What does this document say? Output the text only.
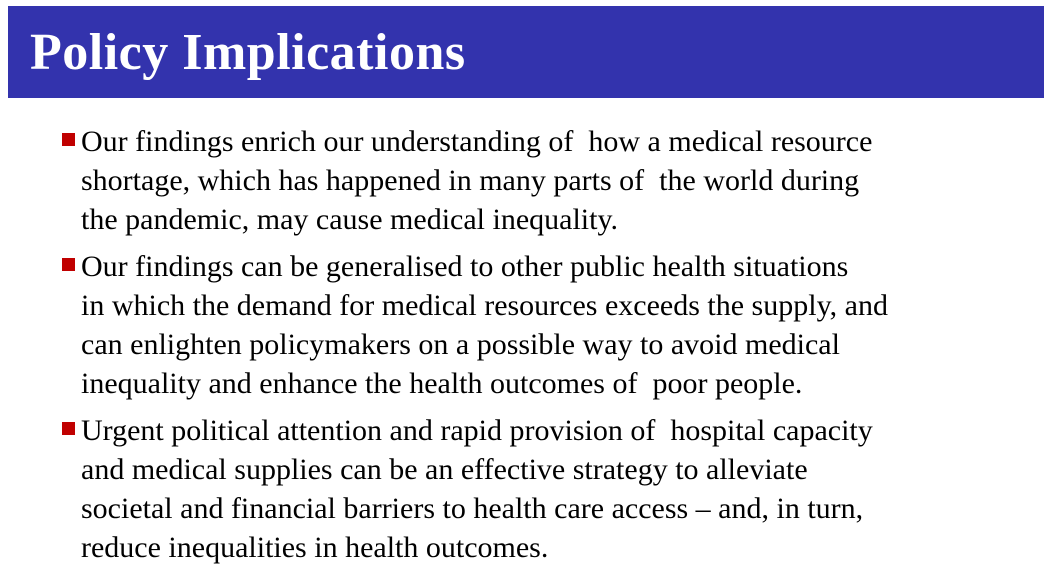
Policy Implications
Our findings enrich our understanding of  how a medical resource
shortage, which has happened in many parts of  the world during
the pandemic, may cause medical inequality.
Our findings can be generalised to other public health situations
in which the demand for medical resources exceeds the supply, and
can enlighten policymakers on a possible way to avoid medical
inequality and enhance the health outcomes of  poor people.
Urgent political attention and rapid provision of  hospital capacity
and medical supplies can be an effective strategy to alleviate
societal and financial barriers to health care access – and, in turn,
reduce inequalities in health outcomes.
